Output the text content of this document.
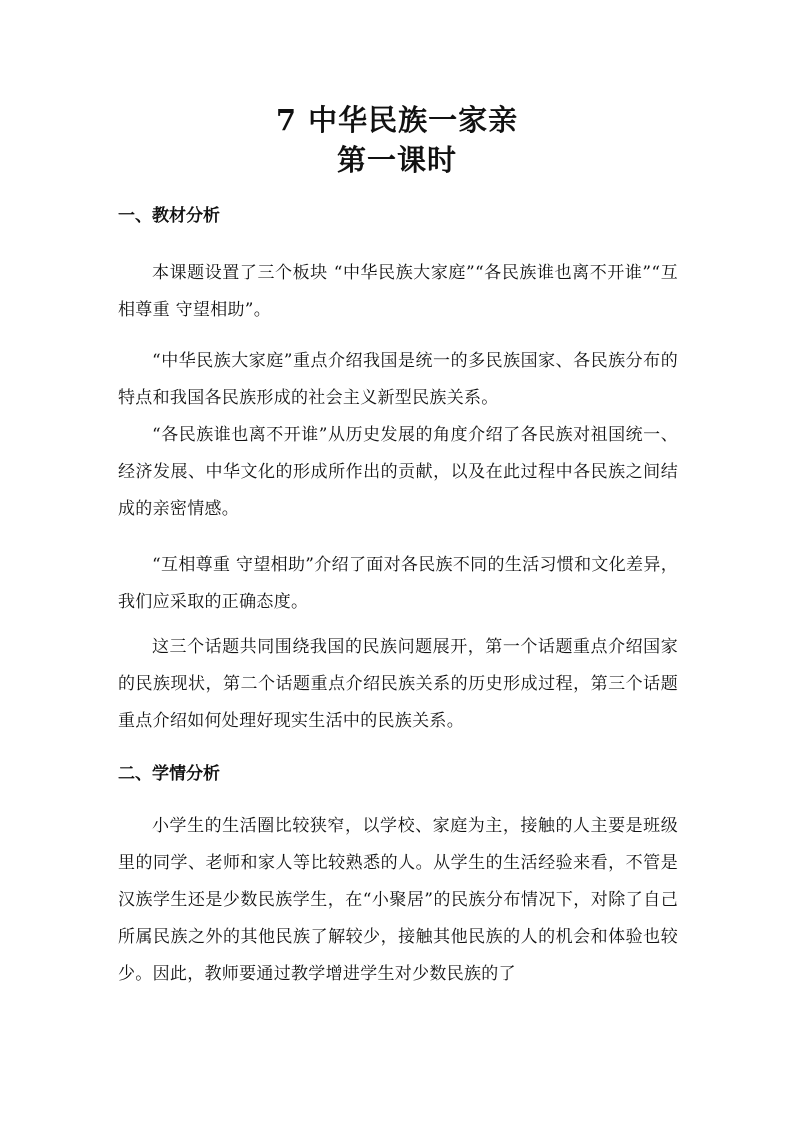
7 中华民族一家亲
第一课时
一、教材分析

本课题设置了三个板块 “中华民族大家庭”“各民族谁也离不开谁”“互相尊重 守望相助”。

“中华民族大家庭”重点介绍我国是统一的多民族国家、各民族分布的特点和我国各民族形成的社会主义新型民族关系。

“各民族谁也离不开谁”从历史发展的角度介绍了各民族对祖国统一、经济发展、中华文化的形成所作出的贡献，以及在此过程中各民族之间结成的亲密情感。

“互相尊重 守望相助”介绍了面对各民族不同的生活习惯和文化差异，我们应采取的正确态度。

这三个话题共同围绕我国的民族问题展开，第一个话题重点介绍国家的民族现状，第二个话题重点介绍民族关系的历史形成过程，第三个话题重点介绍如何处理好现实生活中的民族关系。

二、学情分析

小学生的生活圈比较狭窄，以学校、家庭为主，接触的人主要是班级里的同学、老师和家人等比较熟悉的人。从学生的生活经验来看，不管是汉族学生还是少数民族学生，在“小聚居”的民族分布情况下，对除了自己所属民族之外的其他民族了解较少，接触其他民族的人的机会和体验也较少。因此，教师要通过教学增进学生对少数民族的了
